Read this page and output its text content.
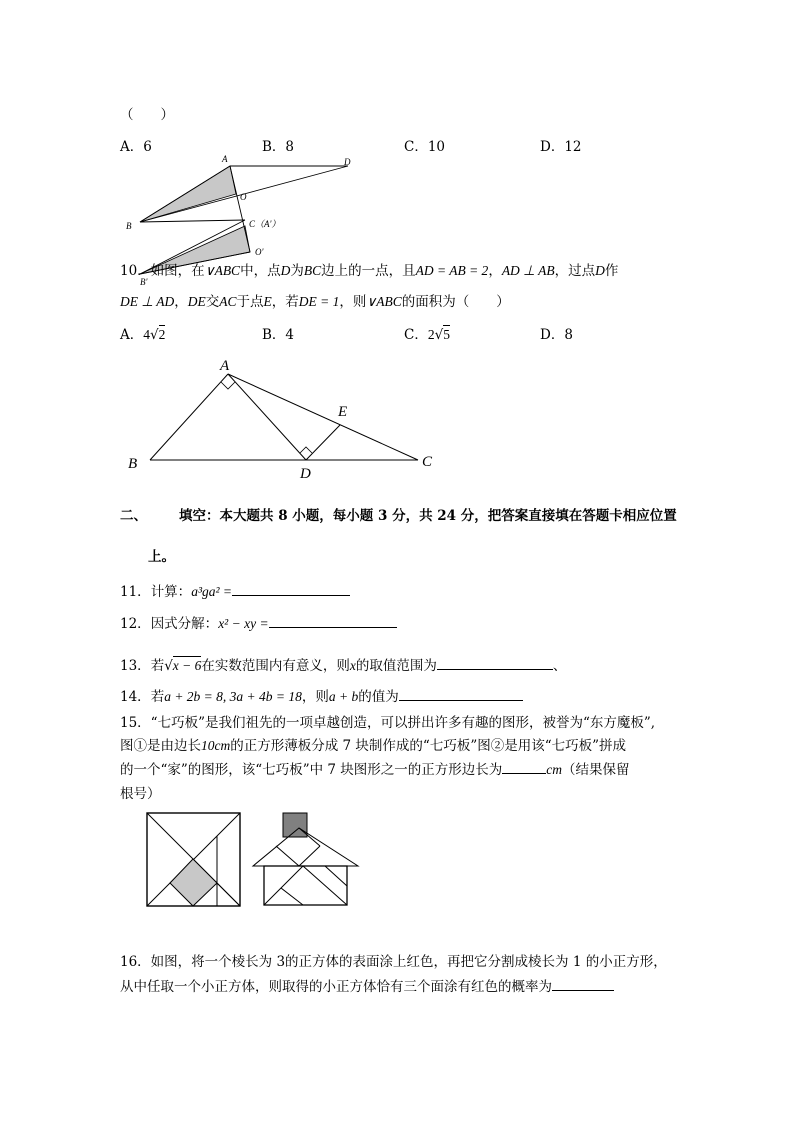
（　　）
A．6	B．8	C．10	D．12
A	D
O
B	C（A'）
O'
B'
10．如图，在∨ABC中，点D为BC边上的一点，且AD = AB = 2，AD ⊥ AB，过点D作
DE ⊥ AD，DE交AC于点E，若DE = 1，则∨ABC的面积为（　　）
A．4√2	B．4	C．2√5	D．8
A
B	C
D
E
二、 填空：本大题共 8 小题，每小题 3 分，共 24 分，把答案直接填在答题卡相应位置
上。
11．计算：a³ga² =
12．因式分解：x² − xy =
13．若√x − 6在实数范围内有意义，则x的取值范围为	、
14．若a + 2b = 8, 3a + 4b = 18，则a + b的值为
15．“七巧板”是我们祖先的一项卓越创造，可以拼出许多有趣的图形，被誉为“东方魔板”,
图①是由边长10cm的正方形薄板分成 7 块制作成的“七巧板”图②是用该“七巧板”拼成
的一个“家”的图形，该“七巧板”中 7 块图形之一的正方形边长为	cm（结果保留
根号）
16．如图，将一个棱长为 3的正方体的表面涂上红色，再把它分割成棱长为 1 的小正方形，
从中任取一个小正方体，则取得的小正方体恰有三个面涂有红色的概率为
